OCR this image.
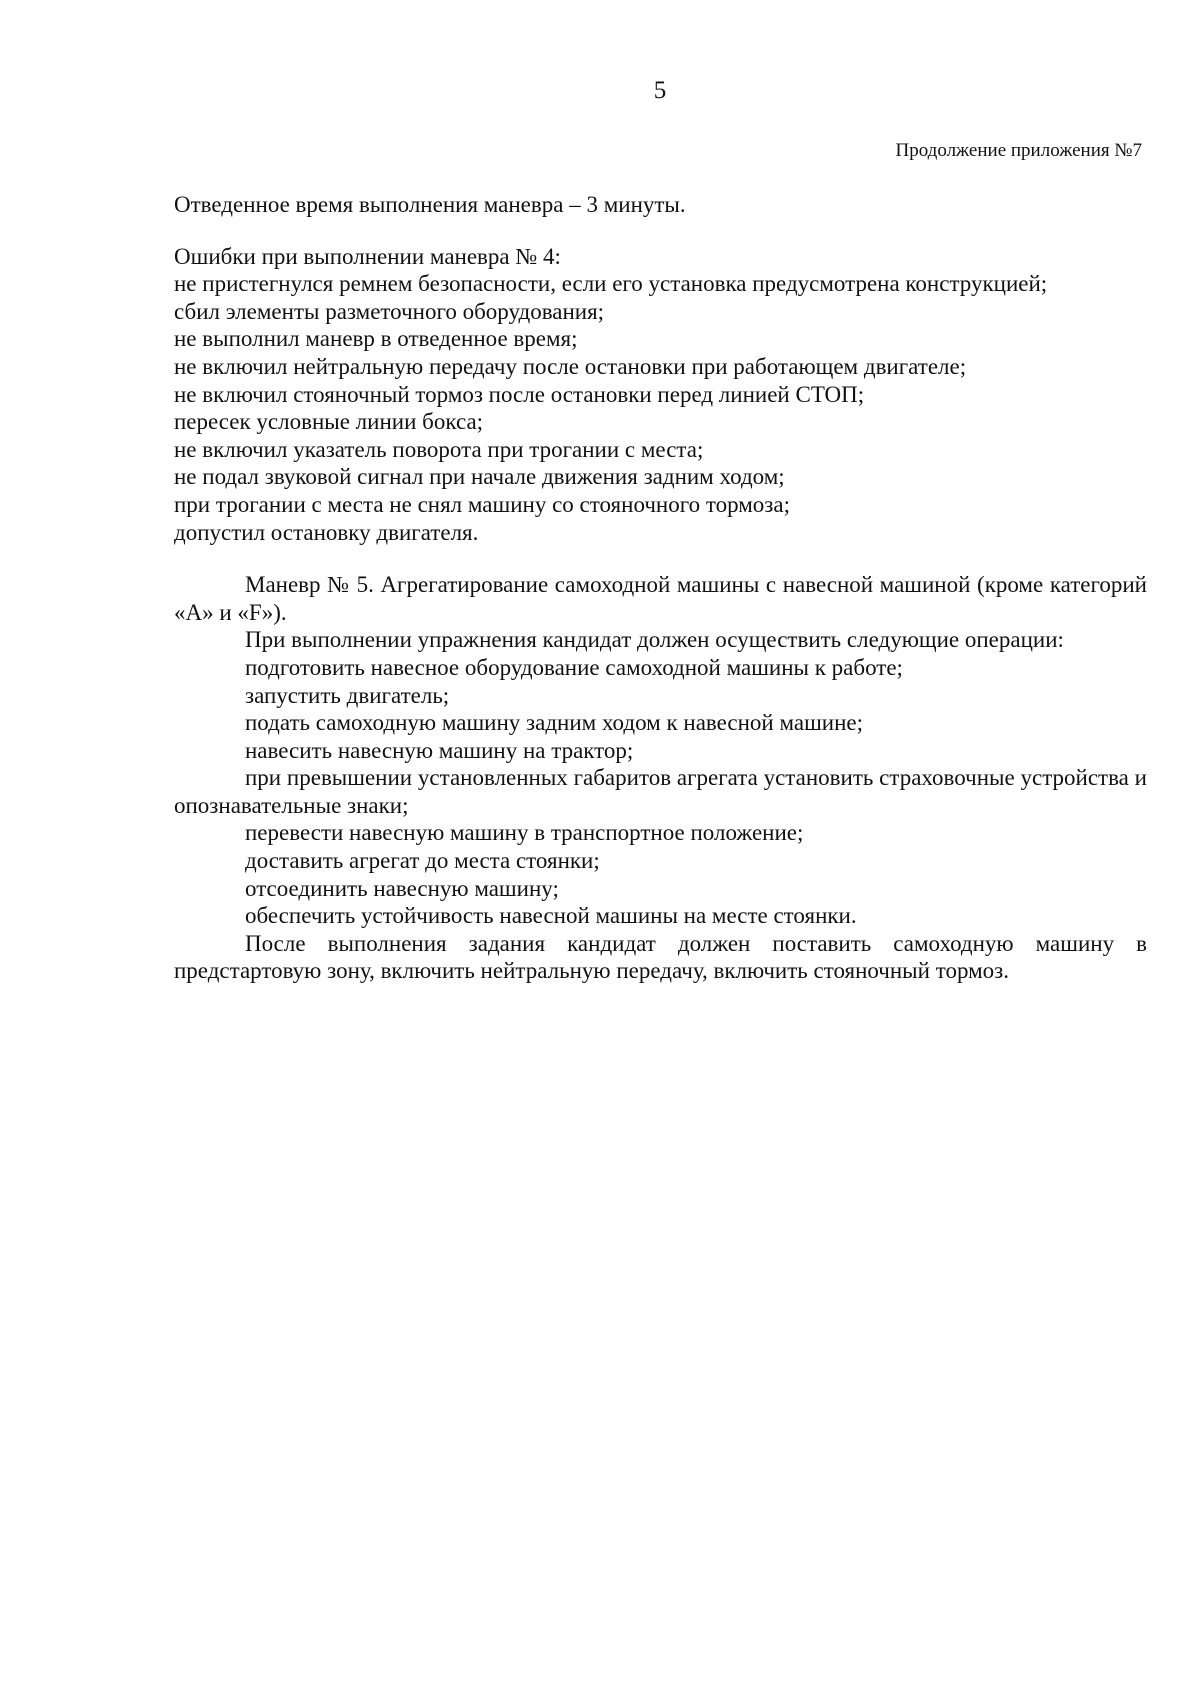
5
Продолжение приложения №7

Отведенное время выполнения маневра – 3 минуты.

Ошибки при выполнении маневра № 4:

не пристегнулся ремнем безопасности, если его установка предусмотрена конструкцией;

сбил элементы разметочного оборудования;

не выполнил маневр в отведенное время;

не включил нейтральную передачу после остановки при работающем двигателе;

не включил стояночный тормоз после остановки перед линией СТОП;

пересек условные линии бокса;

не включил указатель поворота при трогании с места;

не подал звуковой сигнал при начале движения задним ходом;

при трогании с места не снял машину со стояночного тормоза;

допустил остановку двигателя.

Маневр № 5. Агрегатирование самоходной машины с навесной машиной (кроме категорий «А» и «F»).

При выполнении упражнения кандидат должен осуществить следующие операции:

подготовить навесное оборудование самоходной машины к работе;

запустить двигатель;

подать самоходную машину задним ходом к навесной машине;

навесить навесную машину на трактор;

при превышении установленных габаритов агрегата установить страховочные устройства и опознавательные знаки;

перевести навесную машину в транспортное положение;

доставить агрегат до места стоянки;

отсоединить навесную машину;

обеспечить устойчивость навесной машины на месте стоянки.

После выполнения задания кандидат должен поставить самоходную машину в предстартовую зону, включить нейтральную передачу, включить стояночный тормоз.
